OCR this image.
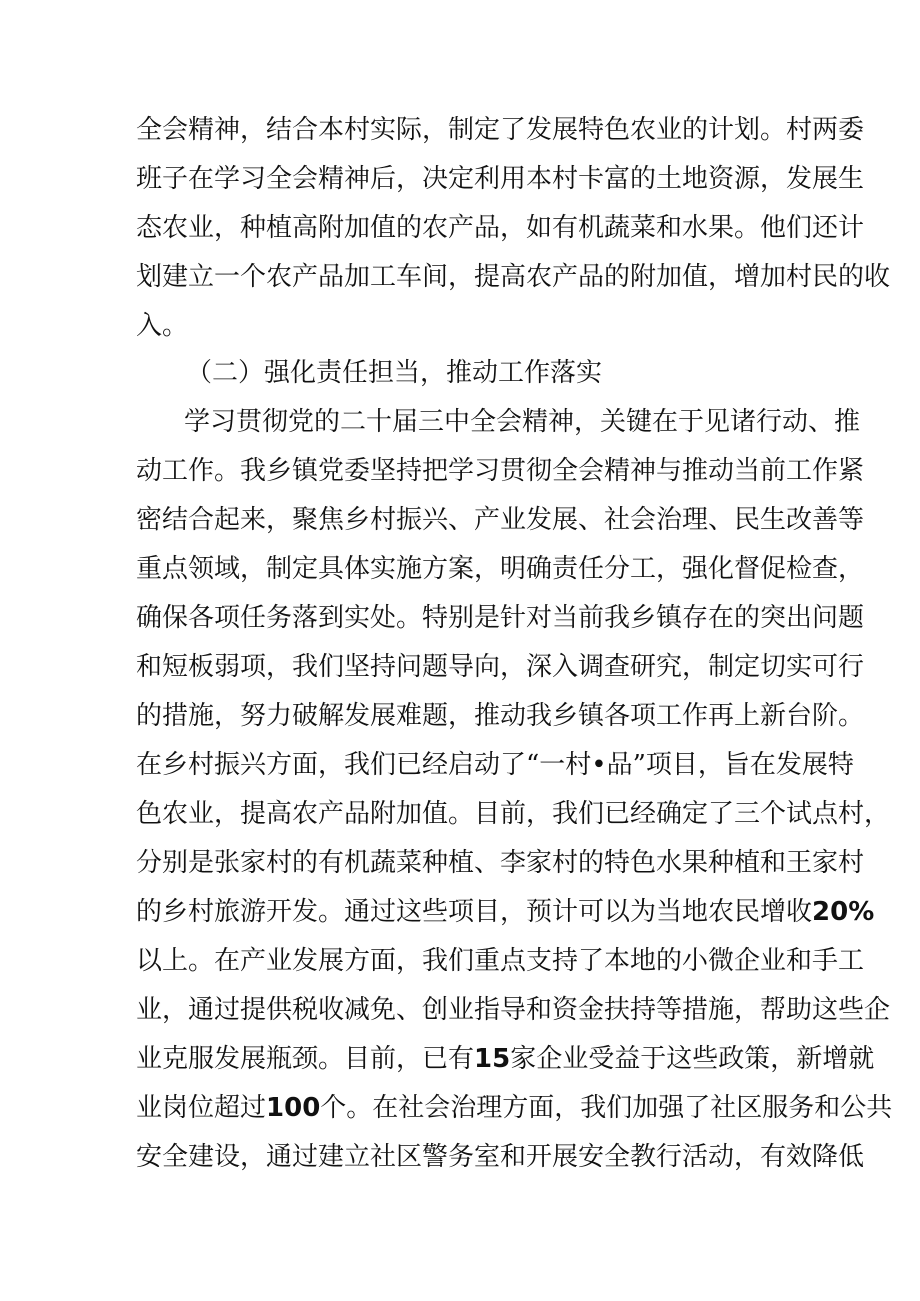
全会精神，结合本村实际，制定了发展特色农业的计划。村两委
班子在学习全会精神后，决定利用本村卡富的土地资源，发展生
态农业，种植高附加值的农产品，如有机蔬菜和水果。他们还计
划建立一个农产品加工车间，提高农产品的附加值，增加村民的收
入。
（二）强化责任担当，推动工作落实
学习贯彻党的二十届三中全会精神，关键在于见诸行动、推
动工作。我乡镇党委坚持把学习贯彻全会精神与推动当前工作紧
密结合起来，聚焦乡村振兴、产业发展、社会治理、民生改善等
重点领域，制定具体实施方案，明确责任分工，强化督促检查，
确保各项任务落到实处。特别是针对当前我乡镇存在的突出问题
和短板弱项，我们坚持问题导向，深入调查研究，制定切实可行
的措施，努力破解发展难题，推动我乡镇各项工作再上新台阶。
在乡村振兴方面，我们已经启动了“一村•品”项目，旨在发展特
色农业，提高农产品附加值。目前，我们已经确定了三个试点村，
分别是张家村的有机蔬菜种植、李家村的特色水果种植和王家村
的乡村旅游开发。通过这些项目，预计可以为当地农民增收20%
以上。在产业发展方面，我们重点支持了本地的小微企业和手工
业，通过提供税收减免、创业指导和资金扶持等措施，帮助这些企
业克服发展瓶颈。目前，已有15家企业受益于这些政策，新增就
业岗位超过100个。在社会治理方面，我们加强了社区服务和公共
安全建设，通过建立社区警务室和开展安全教行活动，有效降低
